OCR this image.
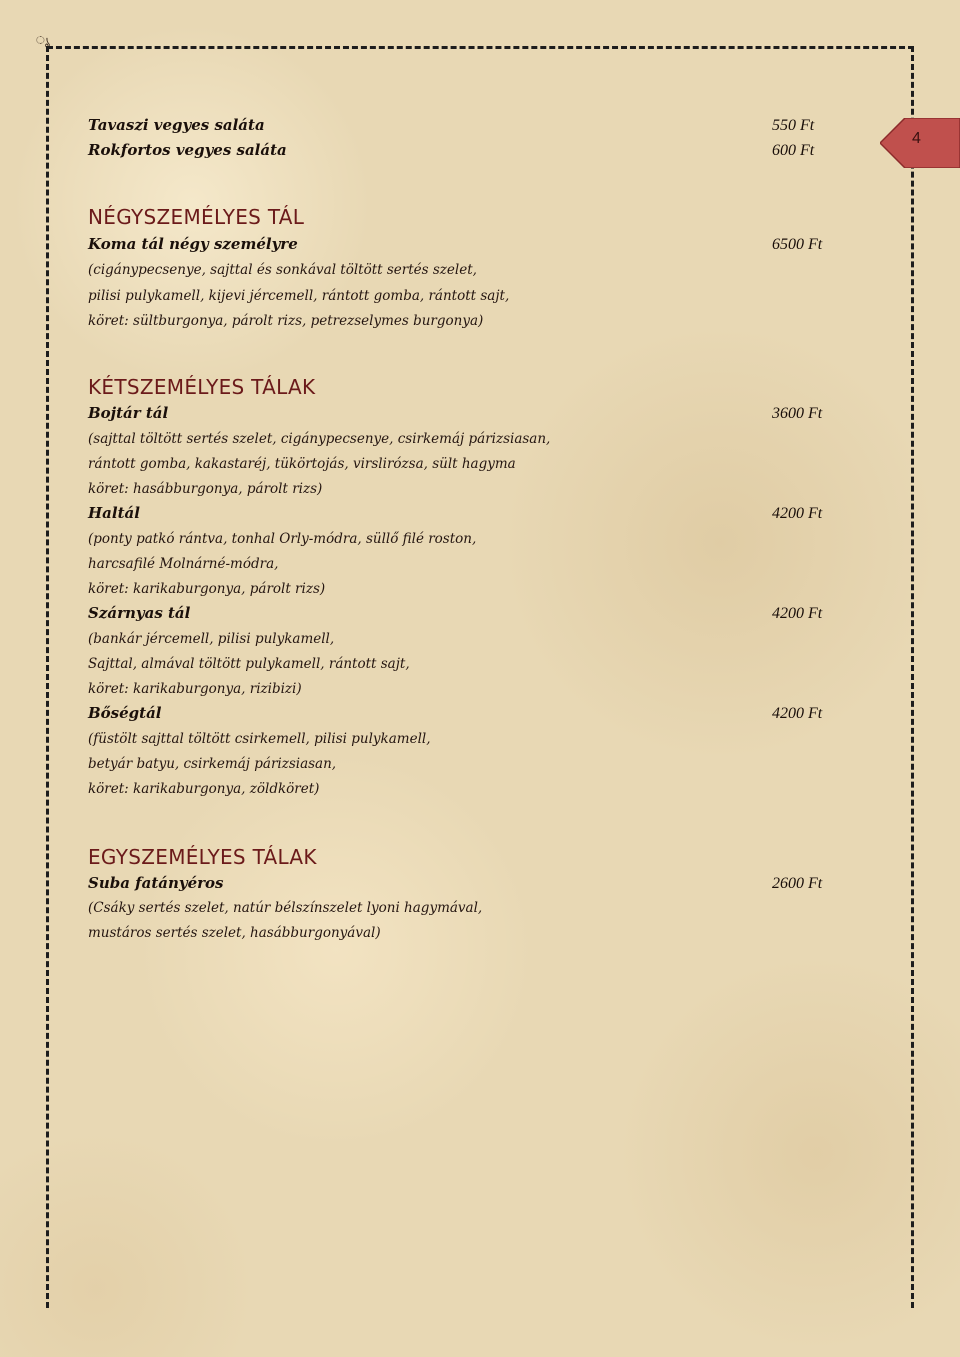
ൃ
4
Tavaszi vegyes saláta	550 Ft
Rokfortos vegyes saláta	600 Ft
NÉGYSZEMÉLYES TÁL
Koma tál négy személyre	6500 Ft
(cigánypecsenye, sajttal és sonkával töltött sertés szelet,
pilisi pulykamell, kijevi jércemell, rántott gomba, rántott sajt,
köret: sültburgonya, párolt rizs, petrezselymes burgonya)
KÉTSZEMÉLYES TÁLAK
Bojtár tál	3600 Ft
(sajttal töltött sertés szelet, cigánypecsenye, csirkemáj párizsiasan,
rántott gomba, kakastaréj, tükörtojás, virslirózsa, sült hagyma
köret: hasábburgonya, párolt rizs)
Haltál	4200 Ft
(ponty patkó rántva, tonhal Orly-módra, süllő filé roston,
harcsafilé Molnárné-módra,
köret: karikaburgonya, párolt rizs)
Szárnyas tál	4200 Ft
(bankár jércemell, pilisi pulykamell,
Sajttal, almával töltött pulykamell, rántott sajt,
köret: karikaburgonya, rizibizi)
Bőségtál	4200 Ft
(füstölt sajttal töltött csirkemell, pilisi pulykamell,
betyár batyu, csirkemáj párizsiasan,
köret: karikaburgonya, zöldköret)
EGYSZEMÉLYES TÁLAK
Suba fatányéros	2600 Ft
(Csáky sertés szelet, natúr bélszínszelet lyoni hagymával,
mustáros sertés szelet, hasábburgonyával)
